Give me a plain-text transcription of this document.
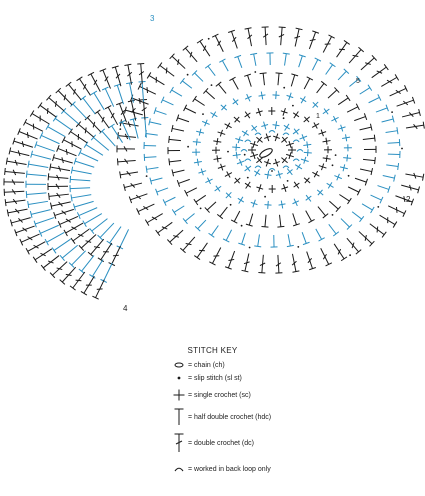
3
2
4
5
1
STITCH KEY
= chain (ch)
= slip stitch (sl st)
= single crochet (sc)
= half double crochet (hdc)
= double crochet (dc)
= worked in back loop only
